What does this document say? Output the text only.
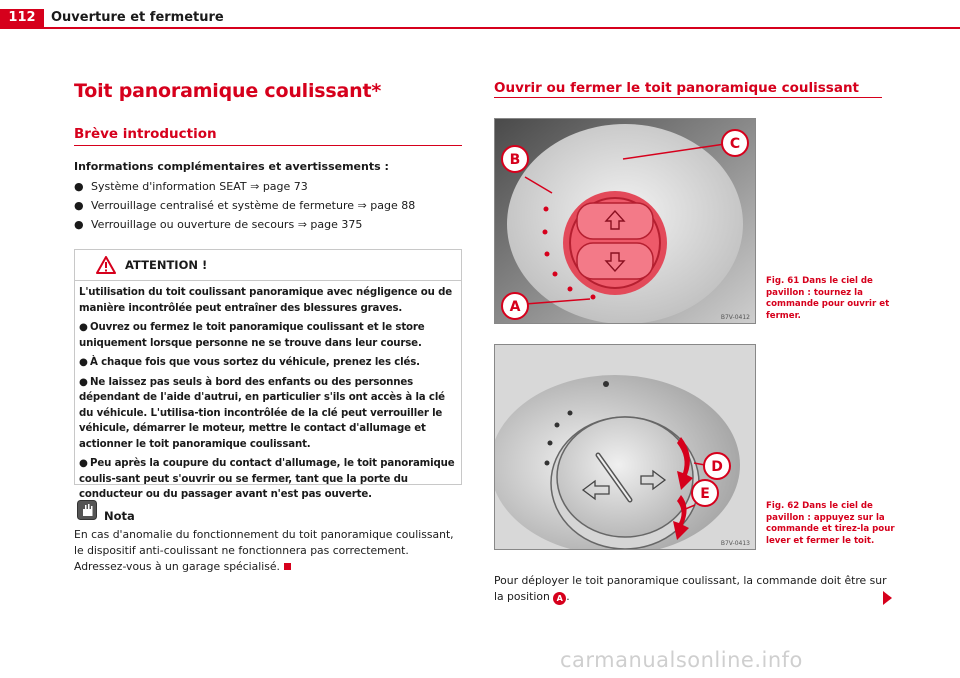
112	Ouverture et fermeture
Toit panoramique coulissant*
Brève introduction
Informations complémentaires et avertissements :
● Système d'information SEAT ⇒ page 73
● Verrouillage centralisé et système de fermeture ⇒ page 88
● Verrouillage ou ouverture de secours ⇒ page 375
ATTENTION !

L'utilisation du toit coulissant panoramique avec négligence ou de manière incontrôlée peut entraîner des blessures graves.

● Ouvrez ou fermez le toit panoramique coulissant et le store uniquement lorsque personne ne se trouve dans leur course.

● À chaque fois que vous sortez du véhicule, prenez les clés.

● Ne laissez pas seuls à bord des enfants ou des personnes dépendant de l'aide d'autrui, en particulier s'ils ont accès à la clé du véhicule. L'utilisa-tion incontrôlée de la clé peut verrouiller le véhicule, démarrer le moteur, mettre le contact d'allumage et actionner le toit panoramique coulissant.

● Peu après la coupure du contact d'allumage, le toit panoramique coulis-sant peut s'ouvrir ou se fermer, tant que la porte du conducteur ou du passager avant n'est pas ouverte.

Nota
En cas d'anomalie du fonctionnement du toit panoramique coulissant, le dispositif anti-coulissant ne fonctionnera pas correctement. Adressez-vous à un garage spécialisé.
Ouvrir ou fermer le toit panoramique coulissant
B
A
C
B7V-0412
Fig. 61 Dans le ciel de pavillon : tournez la commande pour ouvrir et fermer.
D
E
B7V-0413
Fig. 62 Dans le ciel de pavillon : appuyez sur la commande et tirez-la pour lever et fermer le toit.
Pour déployer le toit panoramique coulissant, la commande doit être sur la position A .
carmanualsonline.info
